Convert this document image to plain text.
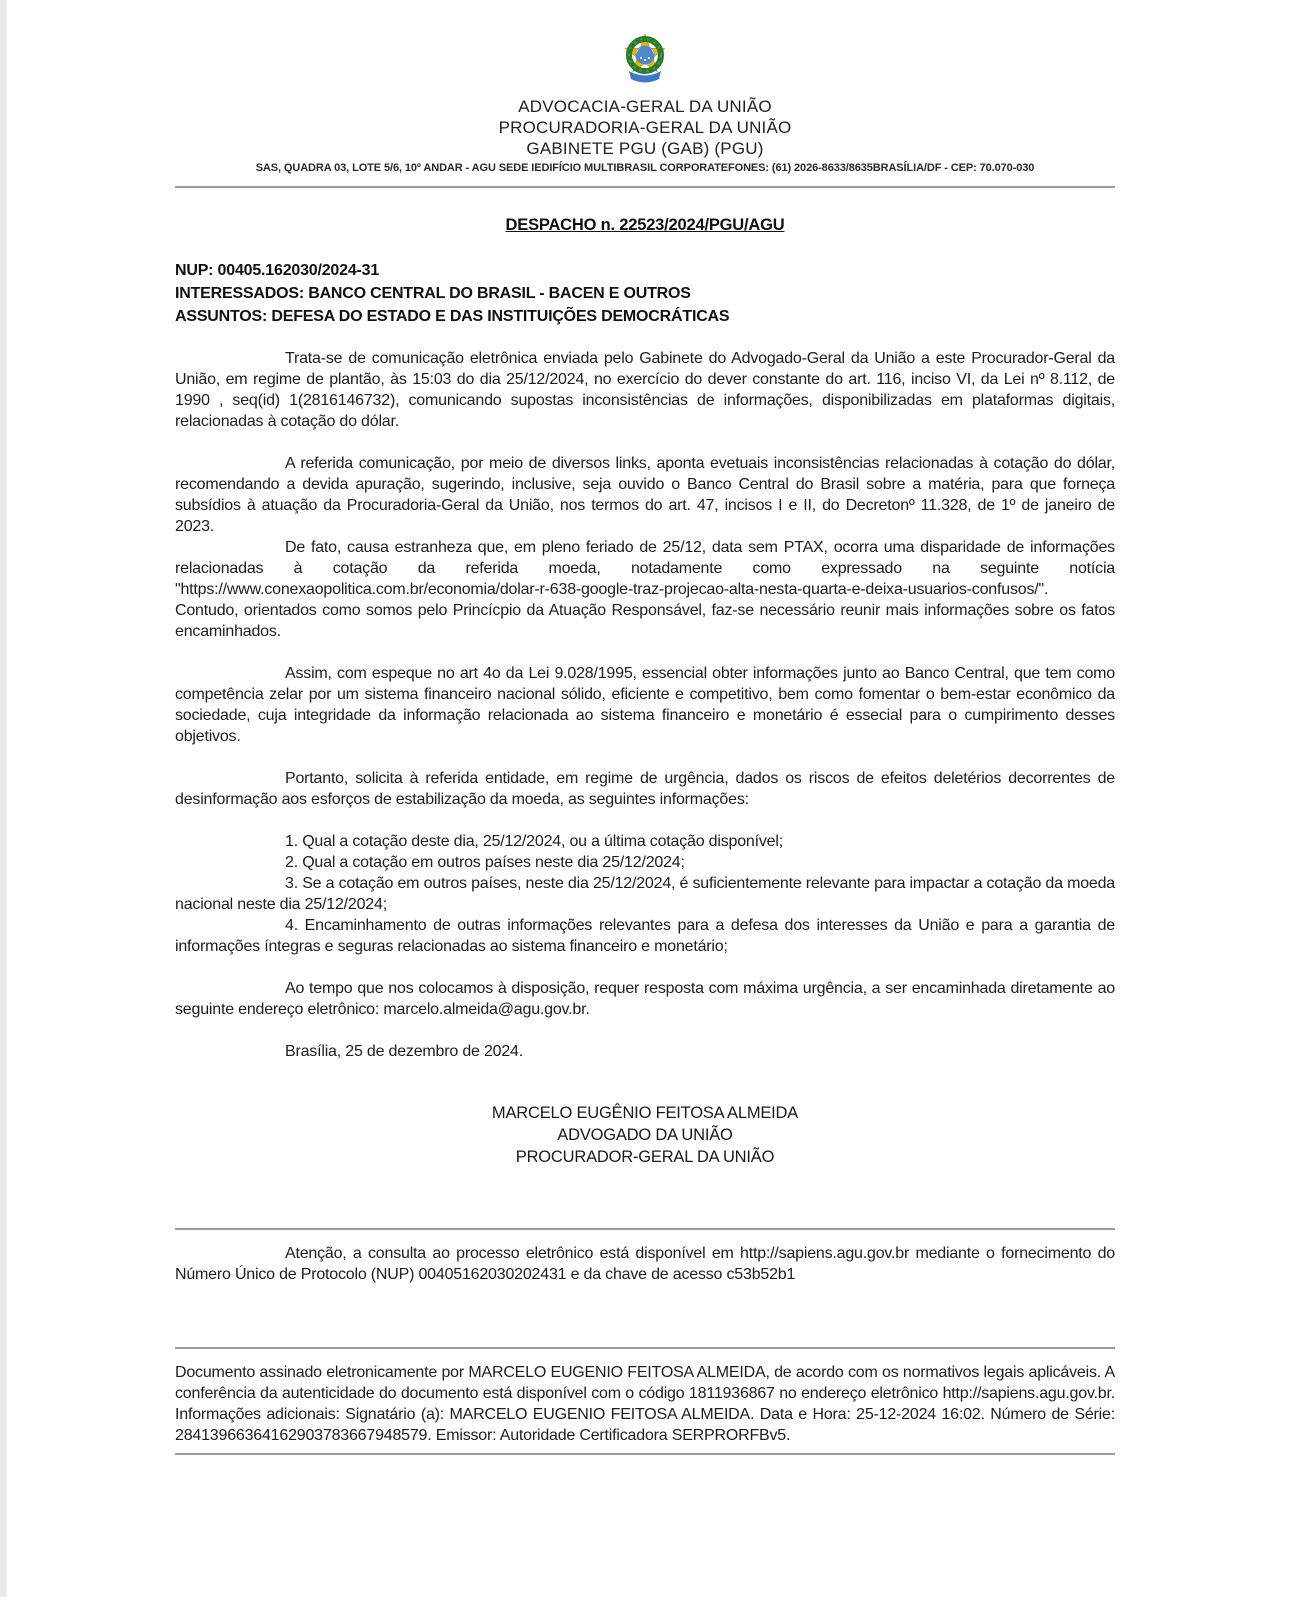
ADVOCACIA-GERAL DA UNIÃO
PROCURADORIA-GERAL DA UNIÃO
GABINETE PGU (GAB) (PGU)
SAS, QUADRA 03, LOTE 5/6, 10º ANDAR - AGU SEDE IEDIFÍCIO MULTIBRASIL CORPORATEFONES: (61) 2026-8633/8635BRASÍLIA/DF - CEP: 70.070-030
DESPACHO n. 22523/2024/PGU/AGU
NUP: 00405.162030/2024-31
INTERESSADOS: BANCO CENTRAL DO BRASIL - BACEN E OUTROS
ASSUNTOS: DEFESA DO ESTADO E DAS INSTITUIÇÕES DEMOCRÁTICAS

Trata-se de comunicação eletrônica enviada pelo Gabinete do Advogado-Geral da União a este Procurador-Geral da União, em regime de plantão, às 15:03 do dia 25/12/2024, no exercício do dever constante do art. 116, inciso VI, da Lei nº 8.112, de 1990 , seq(id) 1(2816146732), comunicando supostas inconsistências de informações, disponibilizadas em plataformas digitais, relacionadas à cotação do dólar.

A referida comunicação, por meio de diversos links, aponta evetuais inconsistências relacionadas à cotação do dólar, recomendando a devida apuração, sugerindo, inclusive, seja ouvido o Banco Central do Brasil sobre a matéria, para que forneça subsídios à atuação da Procuradoria-Geral da União, nos termos do art. 47, incisos I e II, do Decretonº 11.328, de 1º de janeiro de 2023.

De fato, causa estranheza que, em pleno feriado de 25/12, data sem PTAX, ocorra uma disparidade de informações relacionadas à cotação da referida moeda, notadamente como expressado na seguinte notícia "https://www.conexaopolitica.com.br/economia/dolar-r-638-google-traz-projecao-alta-nesta-quarta-e-deixa-usuarios-confusos/". Contudo, orientados como somos pelo Princícpio da Atuação Responsável, faz-se necessário reunir mais informações sobre os fatos encaminhados.

Assim, com espeque no art 4o da Lei 9.028/1995, essencial obter informações junto ao Banco Central, que tem como competência zelar por um sistema financeiro nacional sólido, eficiente e competitivo, bem como fomentar o bem-estar econômico da sociedade, cuja integridade da informação relacionada ao sistema financeiro e monetário é essecial para o cumpirimento desses objetivos.

Portanto, solicita à referida entidade, em regime de urgência, dados os riscos de efeitos deletérios decorrentes de desinformação aos esforços de estabilização da moeda, as seguintes informações:

1. Qual a cotação deste dia, 25/12/2024, ou a última cotação disponível;

2. Qual a cotação em outros países neste dia 25/12/2024;

3. Se a cotação em outros países, neste dia 25/12/2024, é suficientemente relevante para impactar a cotação da moeda nacional neste dia 25/12/2024;

4. Encaminhamento de outras informações relevantes para a defesa dos interesses da União e para a garantia de informações íntegras e seguras relacionadas ao sistema financeiro e monetário;

Ao tempo que nos colocamos à disposição, requer resposta com máxima urgência, a ser encaminhada diretamente ao seguinte endereço eletrônico: marcelo.almeida@agu.gov.br.

Brasília, 25 de dezembro de 2024.

MARCELO EUGÊNIO FEITOSA ALMEIDA
ADVOGADO DA UNIÃO
PROCURADOR-GERAL DA UNIÃO

Atenção, a consulta ao processo eletrônico está disponível em http://sapiens.agu.gov.br mediante o fornecimento do Número Único de Protocolo (NUP) 00405162030202431 e da chave de acesso c53b52b1

Documento assinado eletronicamente por MARCELO EUGENIO FEITOSA ALMEIDA, de acordo com os normativos legais aplicáveis. A conferência da autenticidade do documento está disponível com o código 1811936867 no endereço eletrônico http://sapiens.agu.gov.br. Informações adicionais: Signatário (a): MARCELO EUGENIO FEITOSA ALMEIDA. Data e Hora: 25-12-2024 16:02. Número de Série: 28413966364162903783667948579. Emissor: Autoridade Certificadora SERPRORFBv5.
